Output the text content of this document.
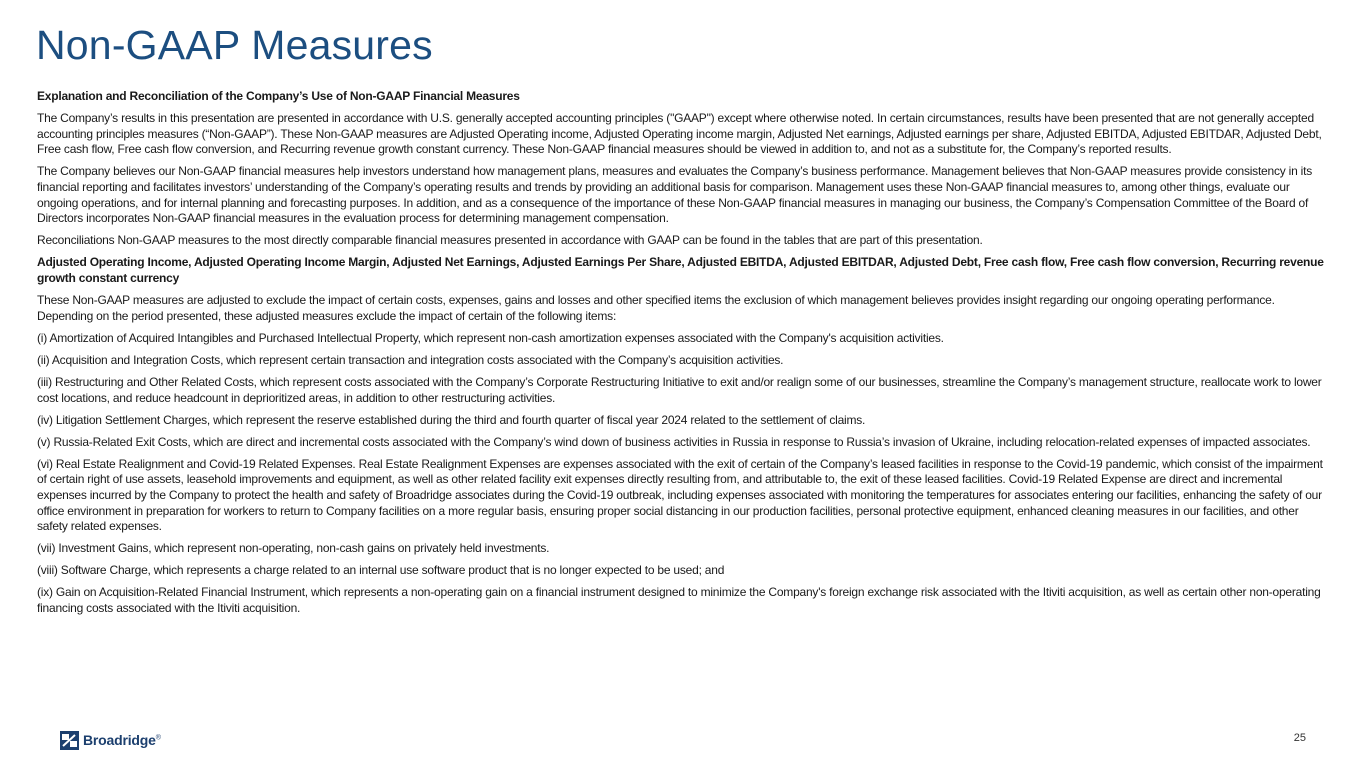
Non-GAAP Measures

Explanation and Reconciliation of the Company’s Use of Non-GAAP Financial Measures

The Company’s results in this presentation are presented in accordance with U.S. generally accepted accounting principles ("GAAP") except where otherwise noted. In certain circumstances, results have been presented that are not generally accepted accounting principles measures (“Non-GAAP”). These Non-GAAP measures are Adjusted Operating income, Adjusted Operating income margin, Adjusted Net earnings, Adjusted earnings per share, Adjusted EBITDA, Adjusted EBITDAR, Adjusted Debt, Free cash flow, Free cash flow conversion, and Recurring revenue growth constant currency. These Non-GAAP financial measures should be viewed in addition to, and not as a substitute for, the Company’s reported results.

The Company believes our Non-GAAP financial measures help investors understand how management plans, measures and evaluates the Company’s business performance. Management believes that Non-GAAP measures provide consistency in its financial reporting and facilitates investors’ understanding of the Company’s operating results and trends by providing an additional basis for comparison. Management uses these Non-GAAP financial measures to, among other things, evaluate our ongoing operations, and for internal planning and forecasting purposes. In addition, and as a consequence of the importance of these Non-GAAP financial measures in managing our business, the Company’s Compensation Committee of the Board of Directors incorporates Non-GAAP financial measures in the evaluation process for determining management compensation.

Reconciliations Non-GAAP measures to the most directly comparable financial measures presented in accordance with GAAP can be found in the tables that are part of this presentation.

Adjusted Operating Income, Adjusted Operating Income Margin, Adjusted Net Earnings, Adjusted Earnings Per Share, Adjusted EBITDA, Adjusted EBITDAR, Adjusted Debt, Free cash flow, Free cash flow conversion, Recurring revenue growth constant currency

These Non-GAAP measures are adjusted to exclude the impact of certain costs, expenses, gains and losses and other specified items the exclusion of which management believes provides insight regarding our ongoing operating performance. Depending on the period presented, these adjusted measures exclude the impact of certain of the following items:

(i) Amortization of Acquired Intangibles and Purchased Intellectual Property, which represent non-cash amortization expenses associated with the Company's acquisition activities.

(ii) Acquisition and Integration Costs, which represent certain transaction and integration costs associated with the Company’s acquisition activities.

(iii) Restructuring and Other Related Costs, which represent costs associated with the Company’s Corporate Restructuring Initiative to exit and/or realign some of our businesses, streamline the Company’s management structure, reallocate work to lower cost locations, and reduce headcount in deprioritized areas, in addition to other restructuring activities.

(iv) Litigation Settlement Charges, which represent the reserve established during the third and fourth quarter of fiscal year 2024 related to the settlement of claims.

(v) Russia-Related Exit Costs, which are direct and incremental costs associated with the Company’s wind down of business activities in Russia in response to Russia’s invasion of Ukraine, including relocation-related expenses of impacted associates.

(vi) Real Estate Realignment and Covid-19 Related Expenses. Real Estate Realignment Expenses are expenses associated with the exit of certain of the Company’s leased facilities in response to the Covid-19 pandemic, which consist of the impairment of certain right of use assets, leasehold improvements and equipment, as well as other related facility exit expenses directly resulting from, and attributable to, the exit of these leased facilities. Covid-19 Related Expense are direct and incremental expenses incurred by the Company to protect the health and safety of Broadridge associates during the Covid-19 outbreak, including expenses associated with monitoring the temperatures for associates entering our facilities, enhancing the safety of our office environment in preparation for workers to return to Company facilities on a more regular basis, ensuring proper social distancing in our production facilities, personal protective equipment, enhanced cleaning measures in our facilities, and other safety related expenses.

(vii) Investment Gains, which represent non-operating, non-cash gains on privately held investments.

(viii) Software Charge, which represents a charge related to an internal use software product that is no longer expected to be used; and

(ix) Gain on Acquisition-Related Financial Instrument, which represents a non-operating gain on a financial instrument designed to minimize the Company's foreign exchange risk associated with the Itiviti acquisition, as well as certain other non-operating financing costs associated with the Itiviti acquisition.

Broadridge®	25
